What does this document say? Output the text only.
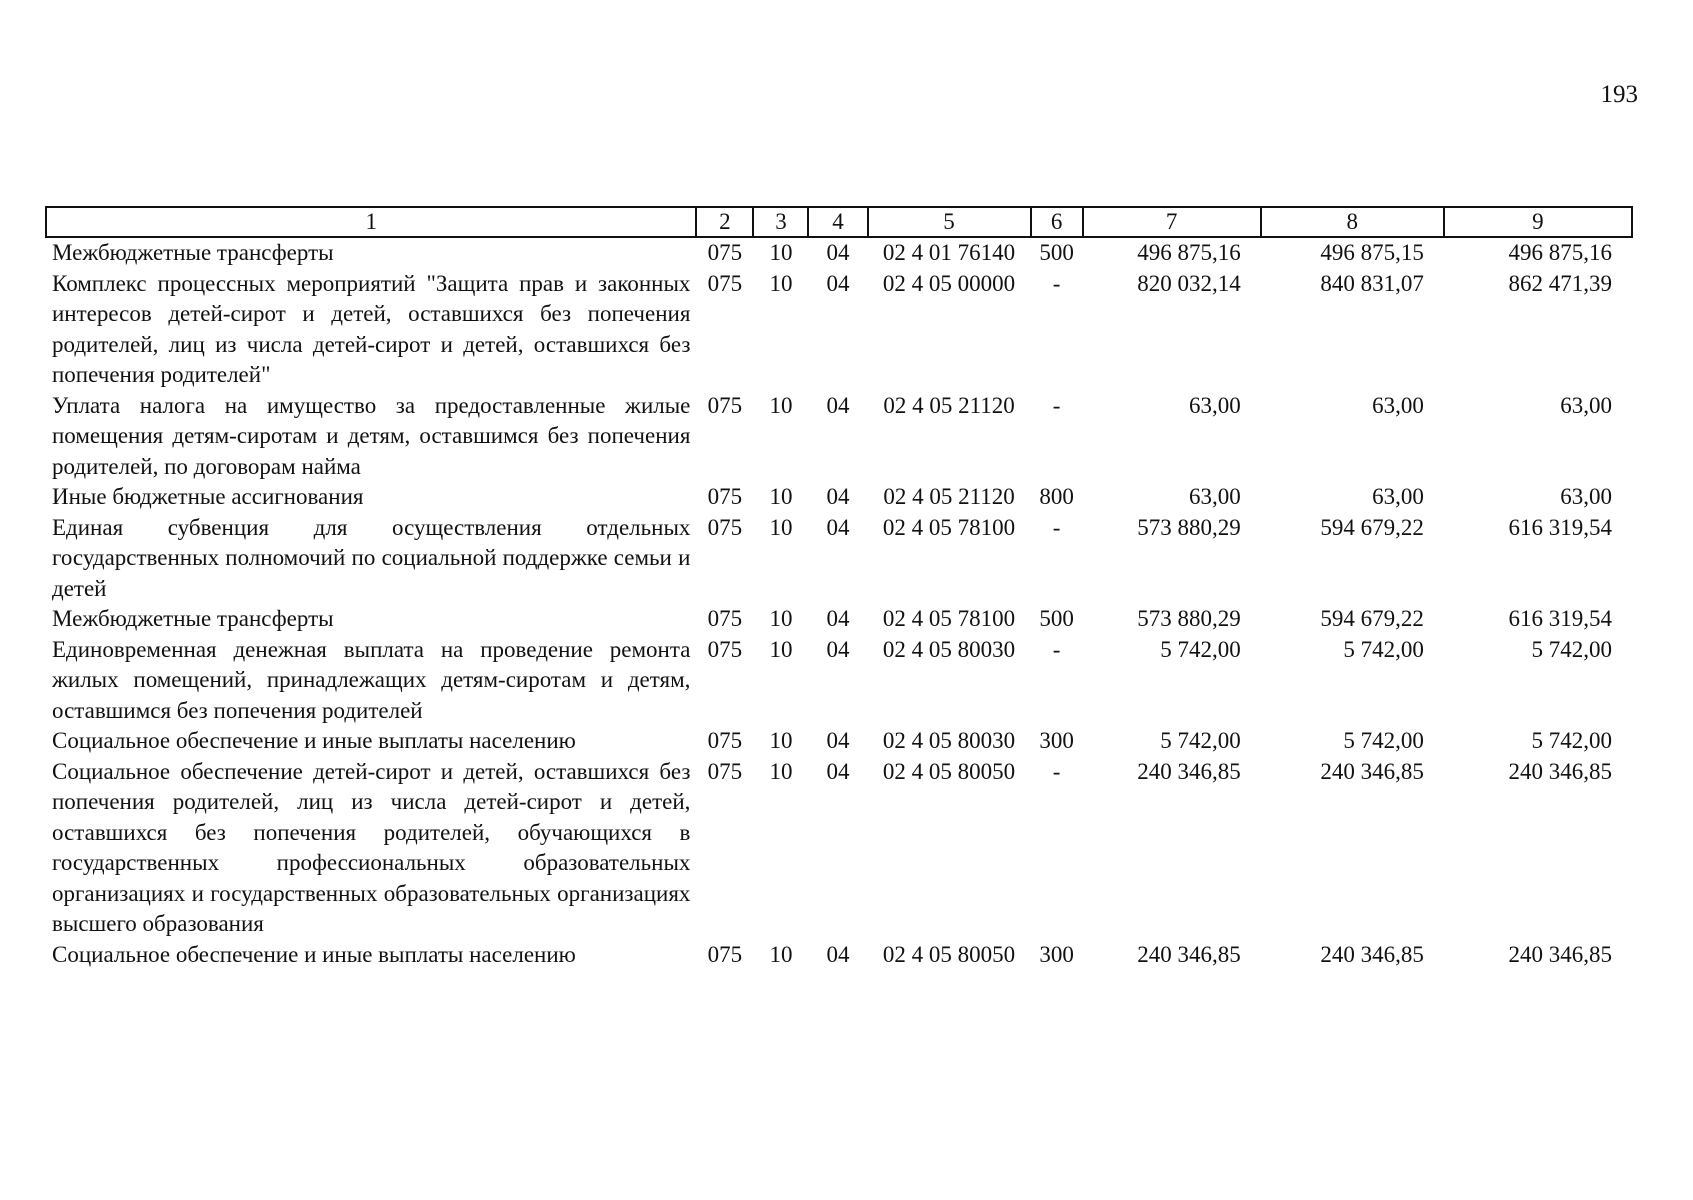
193
1	2	3	4	5	6	7	8	9
Межбюджетные трансферты	075	10	04	02 4 01 76140	500	496 875,16	496 875,15	496 875,16
Комплекс процессных мероприятий "Защита прав и законных интересов детей-сирот и детей, оставшихся без попечения родителей, лиц из числа детей-сирот и детей, оставшихся без попечения родителей"	075	10	04	02 4 05 00000	-	820 032,14	840 831,07	862 471,39
Уплата налога на имущество за предоставленные жилые помещения детям-сиротам и детям, оставшимся без попечения родителей, по договорам найма	075	10	04	02 4 05 21120	-	63,00	63,00	63,00
Иные бюджетные ассигнования	075	10	04	02 4 05 21120	800	63,00	63,00	63,00
Единая субвенция для осуществления отдельных государственных полномочий по социальной поддержке семьи и детей	075	10	04	02 4 05 78100	-	573 880,29	594 679,22	616 319,54
Межбюджетные трансферты	075	10	04	02 4 05 78100	500	573 880,29	594 679,22	616 319,54
Единовременная денежная выплата на проведение ремонта жилых помещений, принадлежащих детям-сиротам и детям, оставшимся без попечения родителей	075	10	04	02 4 05 80030	-	5 742,00	5 742,00	5 742,00
Социальное обеспечение и иные выплаты населению	075	10	04	02 4 05 80030	300	5 742,00	5 742,00	5 742,00
Социальное обеспечение детей-сирот и детей, оставшихся без попечения родителей, лиц из числа детей-сирот и детей, оставшихся без попечения родителей, обучающихся в государственных профессиональных образовательных организациях и государственных образовательных организациях высшего образования	075	10	04	02 4 05 80050	-	240 346,85	240 346,85	240 346,85
Социальное обеспечение и иные выплаты населению	075	10	04	02 4 05 80050	300	240 346,85	240 346,85	240 346,85
